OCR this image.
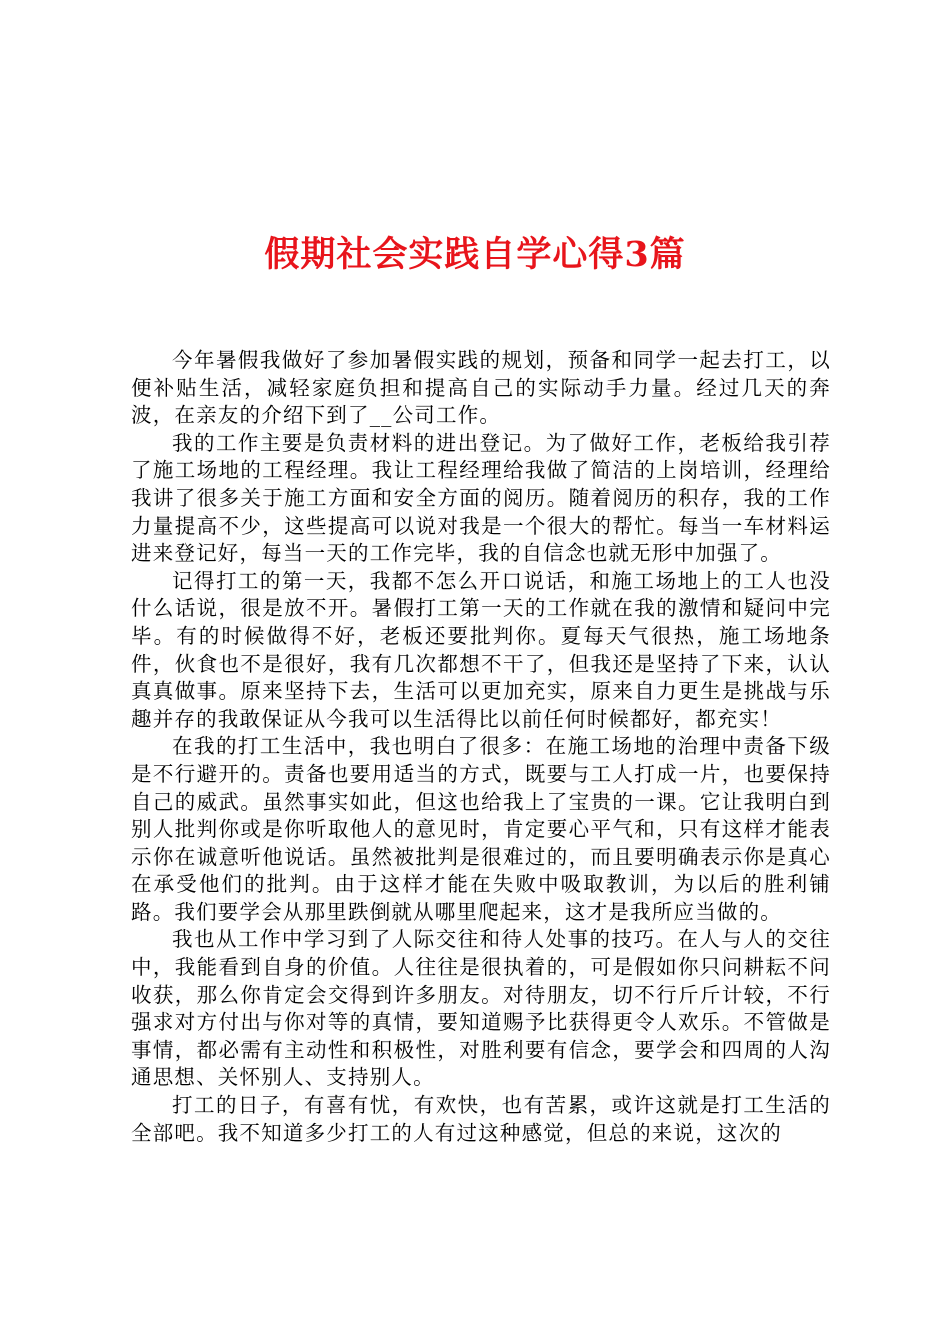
假期社会实践自学心得3篇

今年暑假我做好了参加暑假实践的规划，预备和同学一起去打工，以便补贴生活，减轻家庭负担和提高自己的实际动手力量。经过几天的奔波，在亲友的介绍下到了__公司工作。

我的工作主要是负责材料的进出登记。为了做好工作，老板给我引荐了施工场地的工程经理。我让工程经理给我做了简洁的上岗培训，经理给我讲了很多关于施工方面和安全方面的阅历。随着阅历的积存，我的工作力量提高不少，这些提高可以说对我是一个很大的帮忙。每当一车材料运进来登记好，每当一天的工作完毕，我的自信念也就无形中加强了。

记得打工的第一天，我都不怎么开口说话，和施工场地上的工人也没什么话说，很是放不开。暑假打工第一天的工作就在我的激情和疑问中完毕。有的时候做得不好，老板还要批判你。夏每天气很热，施工场地条件，伙食也不是很好，我有几次都想不干了，但我还是坚持了下来，认认真真做事。原来坚持下去，生活可以更加充实，原来自力更生是挑战与乐趣并存的我敢保证从今我可以生活得比以前任何时候都好，都充实！

在我的打工生活中，我也明白了很多：在施工场地的治理中责备下级是不行避开的。责备也要用适当的方式，既要与工人打成一片，也要保持自己的威武。虽然事实如此，但这也给我上了宝贵的一课。它让我明白到别人批判你或是你听取他人的意见时，肯定要心平气和，只有这样才能表示你在诚意听他说话。虽然被批判是很难过的，而且要明确表示你是真心在承受他们的批判。由于这样才能在失败中吸取教训，为以后的胜利铺路。我们要学会从那里跌倒就从哪里爬起来，这才是我所应当做的。

我也从工作中学习到了人际交往和待人处事的技巧。在人与人的交往中，我能看到自身的价值。人往往是很执着的，可是假如你只问耕耘不问收获，那么你肯定会交得到许多朋友。对待朋友，切不行斤斤计较，不行强求对方付出与你对等的真情，要知道赐予比获得更令人欢乐。不管做是事情，都必需有主动性和积极性，对胜利要有信念，要学会和四周的人沟通思想、关怀别人、支持别人。

打工的日子，有喜有忧，有欢快，也有苦累，或许这就是打工生活的全部吧。我不知道多少打工的人有过这种感觉，但总的来说，这次的
